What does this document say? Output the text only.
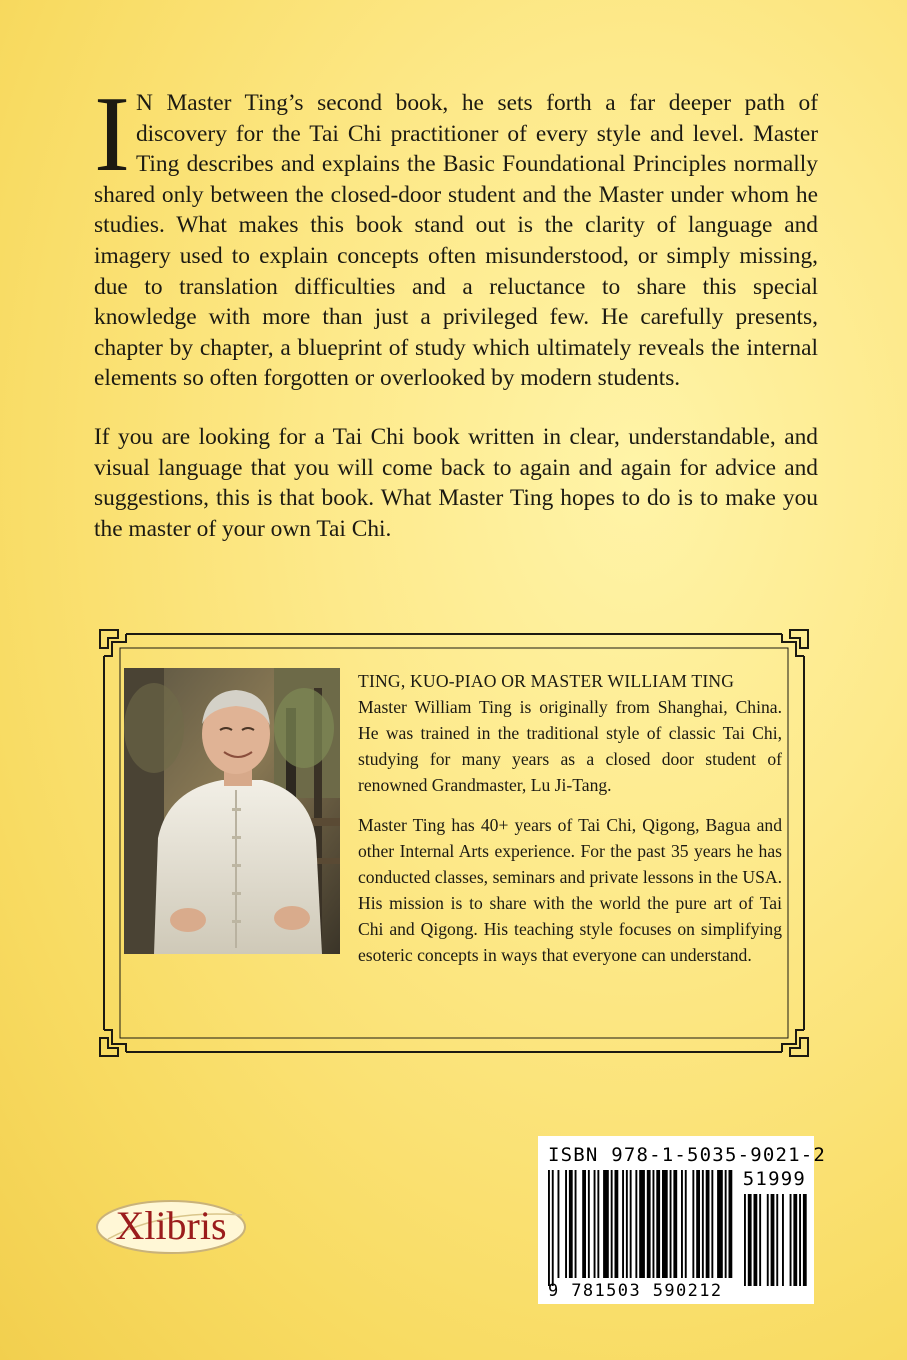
I N Master Ting’s second book, he sets forth a far deeper path of discovery for the Tai Chi practitioner of every style and level. Master Ting describes and explains the Basic Foundational Principles normally shared only between the closed-door student and the Master under whom he studies. What makes this book stand out is the clarity of language and imagery used to explain concepts often misunderstood, or simply missing, due to translation difficulties and a reluctance to share this special knowledge with more than just a privileged few. He carefully presents, chapter by chapter, a blueprint of study which ultimately reveals the internal elements so often forgotten or overlooked by modern students.

If you are looking for a Tai Chi book written in clear, understandable, and visual language that you will come back to again and again for advice and suggestions, this is that book. What Master Ting hopes to do is to make you the master of your own Tai Chi.

TING, KUO-PIAO OR MASTER WILLIAM TING

Master William Ting is originally from Shanghai, China. He was trained in the traditional style of classic Tai Chi, studying for many years as a closed door student of renowned Grandmaster, Lu Ji-Tang.

Master Ting has 40+ years of Tai Chi, Qigong, Bagua and other Internal Arts experience. For the past 35 years he has conducted classes, seminars and private lessons in the USA. His mission is to share with the world the pure art of Tai Chi and Qigong. His teaching style focuses on simplifying esoteric concepts in ways that everyone can understand.

Xlibris
ISBN 978-1-5035-9021-2
51999
9 781503 590212
